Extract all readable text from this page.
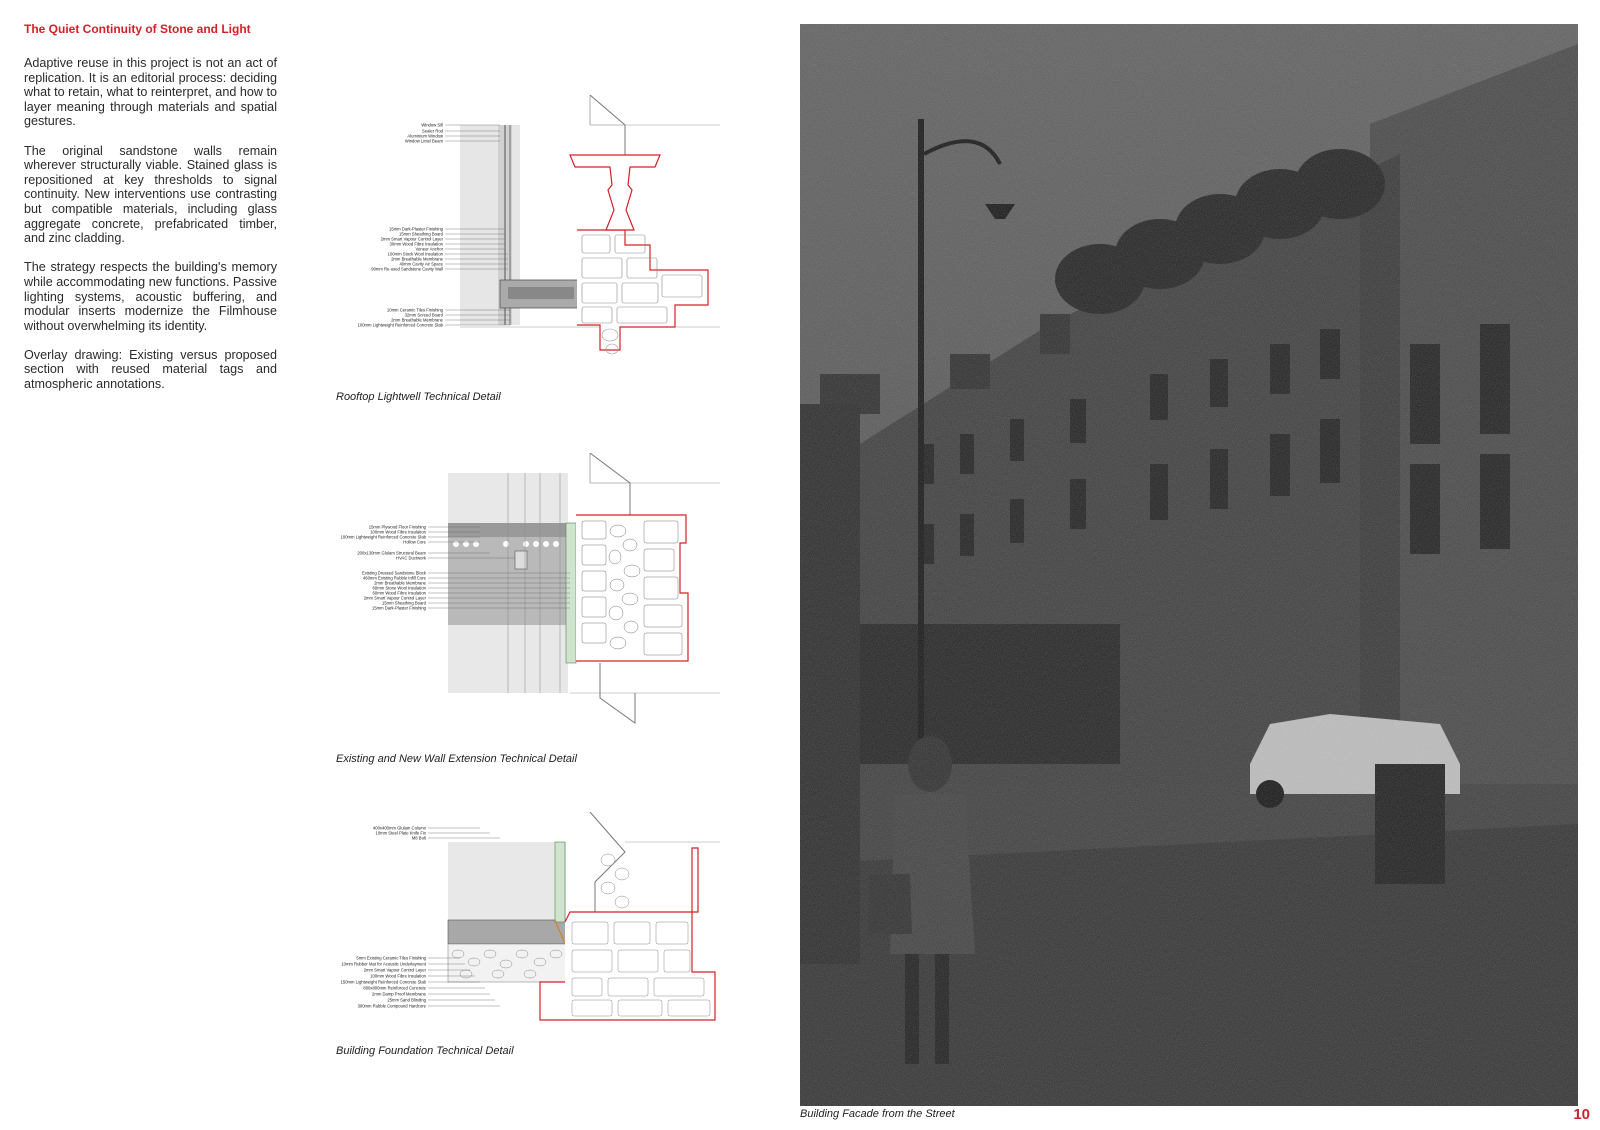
The Quiet Continuity of Stone and Light

Adaptive reuse in this project is not an act of replication. It is an editorial process: deciding what to retain, what to reinterpret, and how to layer meaning through materials and spatial gestures.

The original sandstone walls remain wherever structurally viable. Stained glass is repositioned at key thresholds to signal continuity. New interventions use contrasting but compatible materials, including glass aggregate concrete, prefabricated timber, and zinc cladding.

The strategy respects the building's memory while accommodating new functions. Passive lighting systems, acoustic buffering, and modular inserts modernize the Filmhouse without overwhelming its identity.

Overlay drawing: Existing versus proposed section with reused material tags and atmospheric annotations.

Window Sill
Sealer Rod
Aluminium Window
Window Lintel Beam
15mm Dark-Plaster Finishing
15mm Sheathing Board
2mm Smart Vapour Control Layer
30mm Wood Fibre Insulation
Veneer Anchor
100mm Stock Wool Insulation
2mm Breathable Membrane
40mm Cavity Air Space
90mm Re-used Sandstone Cavity Wall
10mm Ceramic Tiles Finishing
32mm Screed Board
2mm Breathable Membrane
100mm Lightweight Reinforced Concrete Slab
Rooftop Lightwell Technical Detail
15mm Plywood Floor Finishing
100mm Wood Fibre Insulation
100mm Lightweight Reinforced Concrete Slab
Hollow Core
200x130mm Glulam Structural Beam
HVAC Ductwork
Existing Dressed Sandstone Block
460mm Existing Rubble Infill Core
2mm Breathable Membrane
60mm Stone Wool Insulation
60mm Wood Fibre Insulation
2mm Smart Vapour Control Layer
15mm Sheathing Board
15mm Dark-Plaster Finishing
Existing and New Wall Extension Technical Detail
400x400mm Glulam Column
10mm Steel Plate Knife Fix
M8 Bolt
5mm Existing Ceramic Tiles Finishing
10mm Rubber Mat for Acoustic Underlayment
2mm Smart Vapour Control Layer
100mm Wood Fibre Insulation
150mm Lightweight Reinforced Concrete Slab
800x800mm Reinforced Concrete
2mm Damp Proof Membrane
25mm Sand Blinding
300mm Rubble Compound Hardcore
Building Foundation Technical Detail
Building Facade from the Street	10
